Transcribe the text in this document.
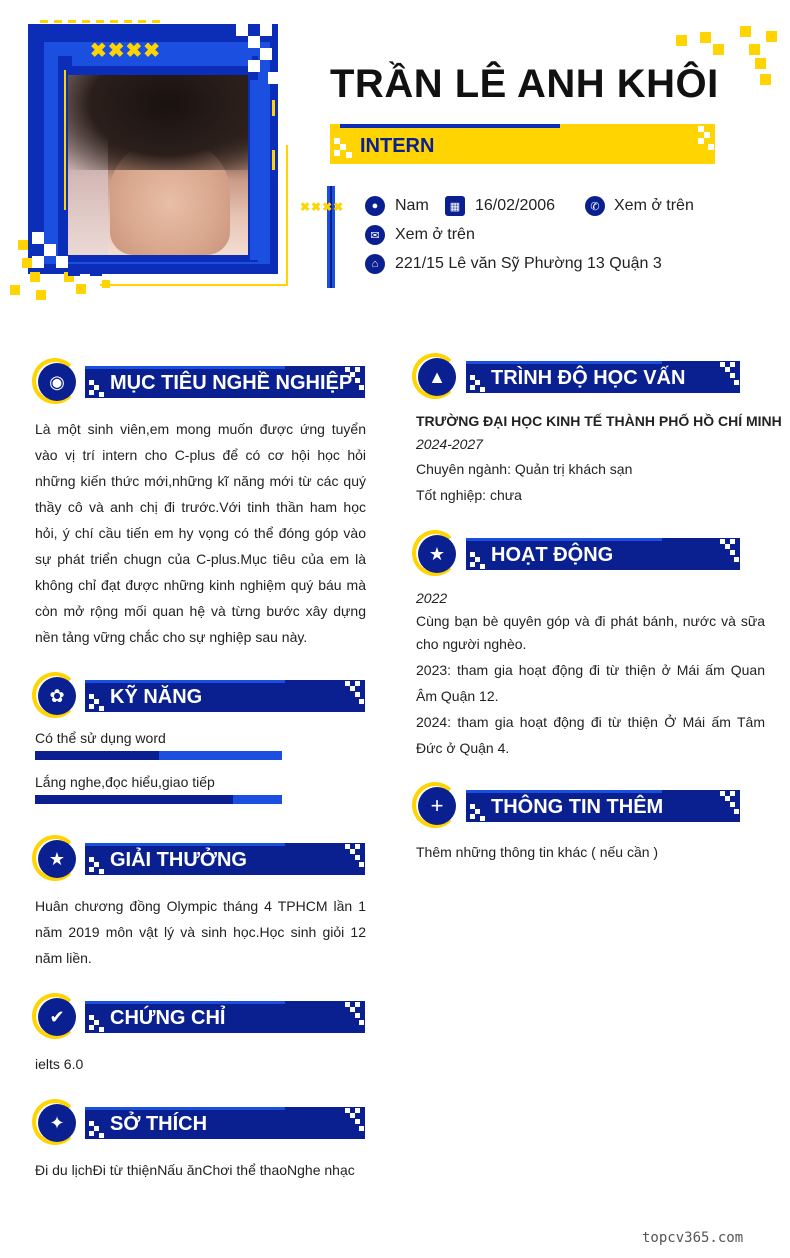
✖✖✖✖
TRẦN LÊ ANH KHÔI
INTERN
✖✖✖✖	●	Nam	▦ 16/02/2006	✆ Xem ở trên
✉ Xem ở trên
⌂	221/15 Lê văn Sỹ Phường 13 Quận 3
◉	MỤC TIÊU NGHỀ NGHIỆP
Là một sinh viên,em mong muốn được ứng tuyển vào vị trí intern cho C-plus để có cơ hội học hỏi những kiến thức mới,những kĩ năng mới từ các quý thầy cô và anh chị đi trước.Với tinh thần ham học hỏi, ý chí cầu tiến em hy vọng có thể đóng góp vào sự phát triển chugn của C-plus.Mục tiêu của em là không chỉ đạt được những kinh nghiệm quý báu mà còn mở rộng mối quan hệ và từng bước xây dựng nền tảng vững chắc cho sự nghiệp sau này.
✿	KỸ NĂNG
Có thể sử dụng word
Lắng nghe,đọc hiểu,giao tiếp
★	GIẢI THƯỞNG
Huân chương đồng Olympic tháng 4 TPHCM lần 1 năm 2019 môn vật lý và sinh học.Học sinh giỏi 12 năm liền.
✔	CHỨNG CHỈ
ielts 6.0
✦	SỞ THÍCH
Đi du lịchĐi từ thiệnNấu ănChơi thể thaoNghe nhạc
▲	TRÌNH ĐỘ HỌC VẤN
TRƯỜNG ĐẠI HỌC KINH TẾ THÀNH PHỐ HỒ CHÍ MINH
2024-2027
Chuyên ngành: Quản trị khách sạn
Tốt nghiệp: chưa
★	HOẠT ĐỘNG
2022
Cùng bạn bè quyên góp và đi phát bánh, nước và sữa cho người nghèo.
2023: tham gia hoạt động đi từ thiện ở Mái ấm Quan Âm Quận 12.
2024: tham gia hoạt động đi từ thiện Ở Mái ấm Tâm Đức ở Quận 4.
+	THÔNG TIN THÊM
Thêm những thông tin khác ( nếu cần )
topcv365.com
